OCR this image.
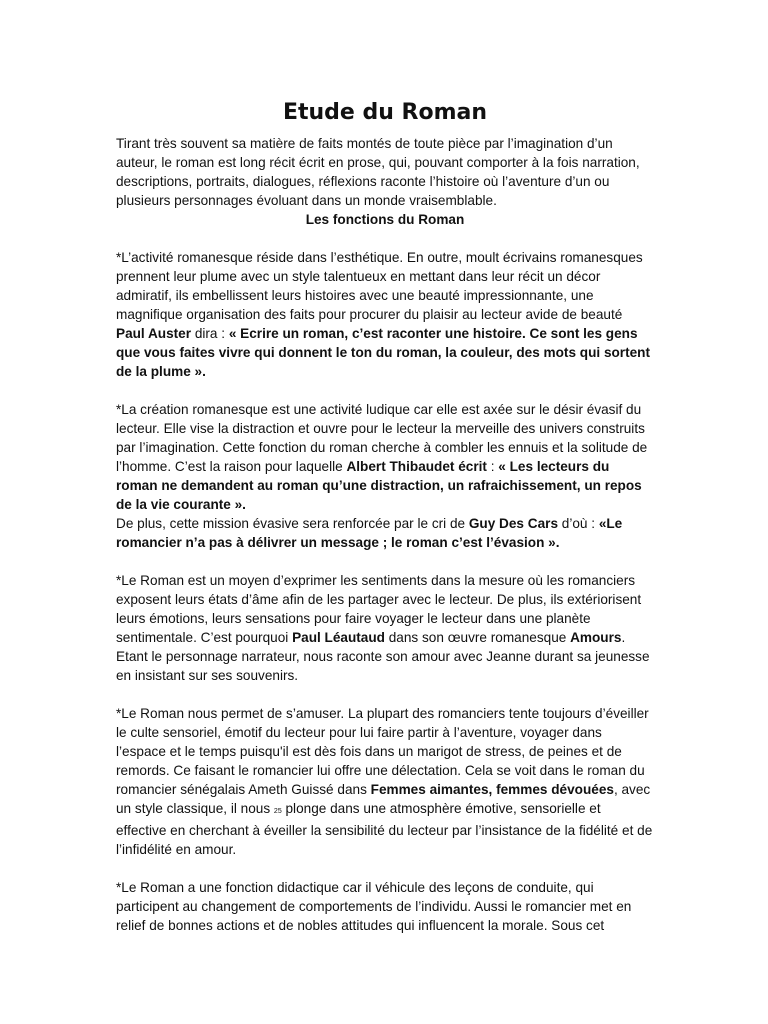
Etude du Roman

Tirant très souvent sa matière de faits montés de toute pièce par l’imagination d’un auteur, le roman est long récit écrit en prose, qui, pouvant comporter à la fois narration, descriptions, portraits, dialogues, réflexions raconte l’histoire où l’aventure d’un ou plusieurs personnages évoluant dans un monde vraisemblable.

Les fonctions du Roman

*L’activité romanesque réside dans l’esthétique. En outre, moult écrivains romanesques prennent leur plume avec un style talentueux en mettant dans leur récit un décor admiratif, ils embellissent leurs histoires avec une beauté impressionnante, une magnifique organisation des faits pour procurer du plaisir au lecteur avide de beauté Paul Auster dira : « Ecrire un roman, c’est raconter une histoire. Ce sont les gens que vous faites vivre qui donnent le ton du roman, la couleur, des mots qui sortent de la plume ».

*La création romanesque est une activité ludique car elle est axée sur le désir évasif du lecteur. Elle vise la distraction et ouvre pour le lecteur la merveille des univers construits par l’imagination. Cette fonction du roman cherche à combler les ennuis et la solitude de l’homme. C’est la raison pour laquelle Albert Thibaudet écrit : « Les lecteurs du roman ne demandent au roman qu’une distraction, un rafraichissement, un repos de la vie courante ».

De plus, cette mission évasive sera renforcée par le cri de Guy Des Cars d’où : «Le romancier n’a pas à délivrer un message ; le roman c’est l’évasion ».

*Le Roman est un moyen d’exprimer les sentiments dans la mesure où les romanciers exposent leurs états d’âme afin de les partager avec le lecteur. De plus, ils extériorisent leurs émotions, leurs sensations pour faire voyager le lecteur dans une planète sentimentale. C’est pourquoi Paul Léautaud dans son œuvre romanesque Amours. Etant le personnage narrateur, nous raconte son amour avec Jeanne durant sa jeunesse en insistant sur ses souvenirs.

*Le Roman nous permet de s’amuser. La plupart des romanciers tente toujours d’éveiller le culte sensoriel, émotif du lecteur pour lui faire partir à l’aventure, voyager dans l’espace et le temps puisqu'il est dès fois dans un marigot de stress, de peines et de remords. Ce faisant le romancier lui offre une délectation. Cela se voit dans le roman du romancier sénégalais Ameth Guissé dans Femmes aimantes, femmes dévouées, avec un style classique, il nous 25 plonge dans une atmosphère émotive, sensorielle et effective en cherchant à éveiller la sensibilité du lecteur par l’insistance de la fidélité et de l’infidélité en amour.

*Le Roman a une fonction didactique car il véhicule des leçons de conduite, qui participent au changement de comportements de l’individu. Aussi le romancier met en relief de bonnes actions et de nobles attitudes qui influencent la morale. Sous cet
